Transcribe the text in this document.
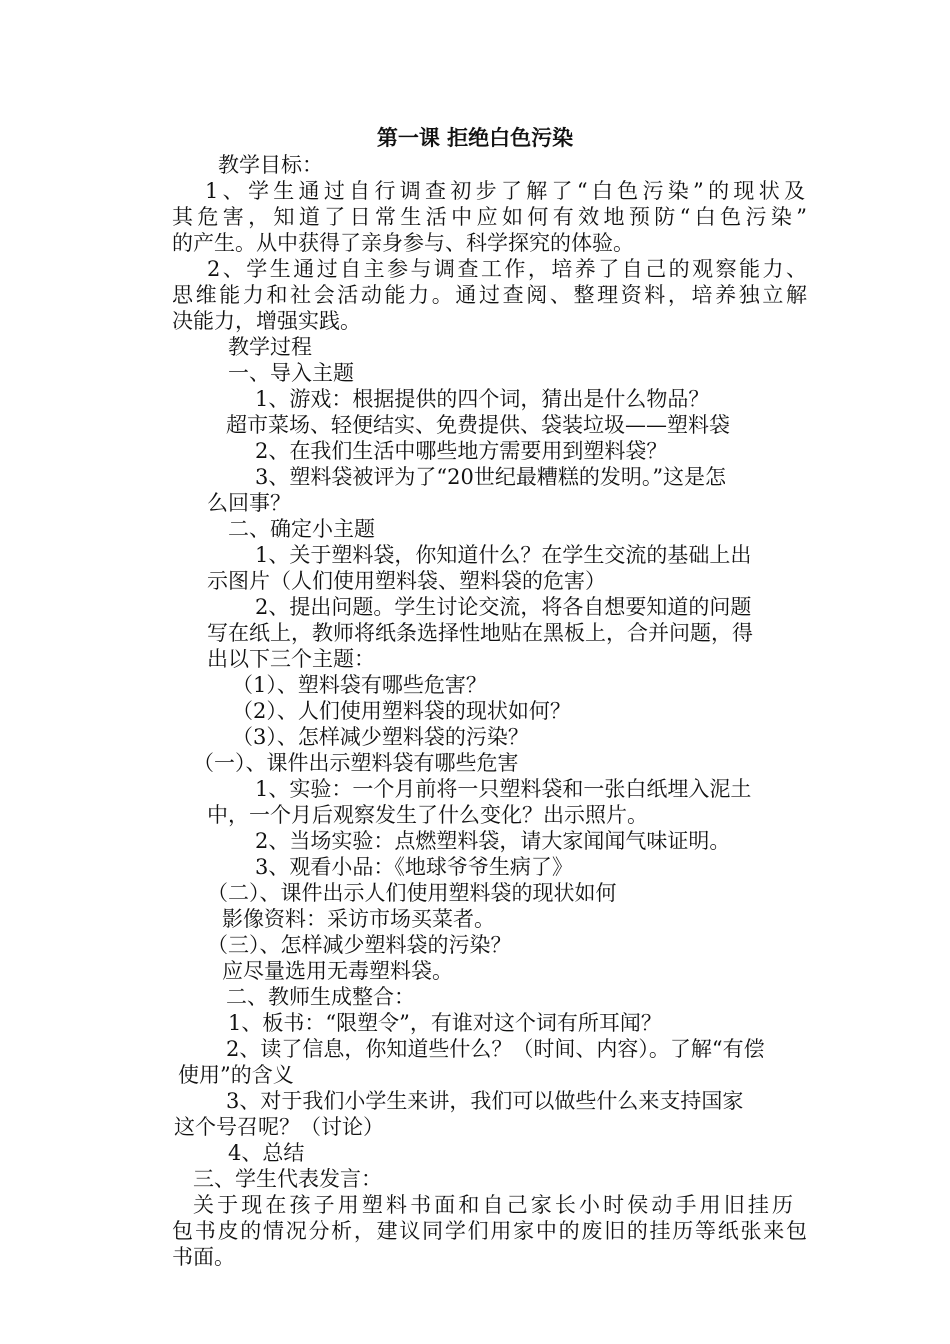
第一课 拒绝白色污染

教学目标：

1、学生通过自行调查初步了解了“白色污染”的现状及

其危害，知道了日常生活中应如何有效地预防“白色污染”

的产生。从中获得了亲身参与、科学探究的体验。

2、学生通过自主参与调查工作，培养了自己的观察能力、

思维能力和社会活动能力。通过查阅、整理资料，培养独立解

决能力，增强实践。

教学过程

一、导入主题

1、游戏：根据提供的四个词，猜出是什么物品？

超市菜场、轻便结实、免费提供、袋装垃圾——塑料袋

2、在我们生活中哪些地方需要用到塑料袋？

3、塑料袋被评为了“20世纪最糟糕的发明。”这是怎

么回事？

二、确定小主题

1、关于塑料袋，你知道什么？在学生交流的基础上出

示图片（人们使用塑料袋、塑料袋的危害）

2、提出问题。学生讨论交流，将各自想要知道的问题

写在纸上，教师将纸条选择性地贴在黑板上，合并问题，得

出以下三个主题：

（1）、塑料袋有哪些危害？

（2）、人们使用塑料袋的现状如何？

（3）、怎样减少塑料袋的污染？

（一）、课件出示塑料袋有哪些危害

1、实验：一个月前将一只塑料袋和一张白纸埋入泥土

中，一个月后观察发生了什么变化？出示照片。

2、当场实验：点燃塑料袋，请大家闻闻气味证明。

3、观看小品：《地球爷爷生病了》

（二）、课件出示人们使用塑料袋的现状如何

影像资料：采访市场买菜者。

（三）、怎样减少塑料袋的污染？

应尽量选用无毒塑料袋。

二、教师生成整合：

1、板书：“限塑令”，有谁对这个词有所耳闻？

2、读了信息，你知道些什么？（时间、内容）。了解“有偿

使用”的含义

3、对于我们小学生来讲，我们可以做些什么来支持国家

这个号召呢？（讨论）

4、总结

三、学生代表发言：

关于现在孩子用塑料书面和自己家长小时侯动手用旧挂历

包书皮的情况分析，建议同学们用家中的废旧的挂历等纸张来包

书面。
